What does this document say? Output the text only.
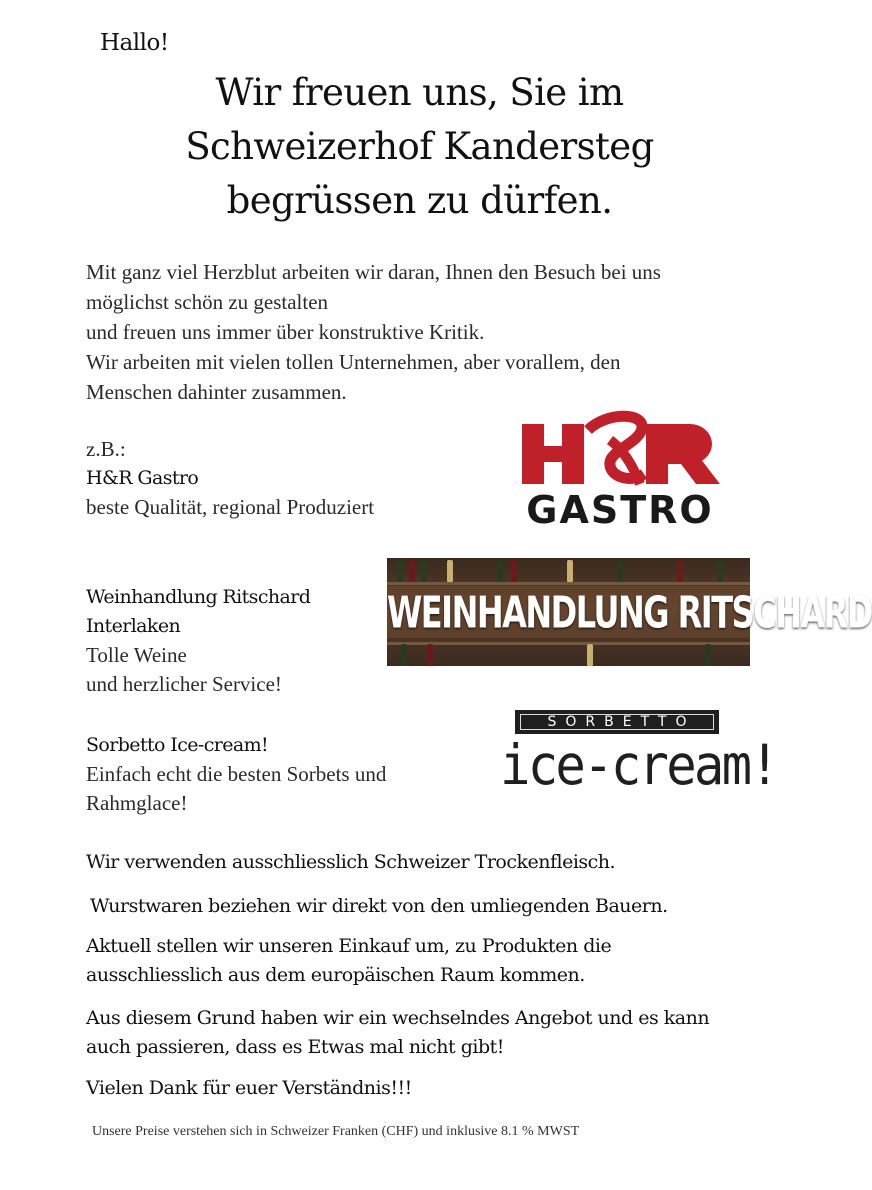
Hallo!
Wir freuen uns, Sie im
Schweizerhof Kandersteg
begrüssen zu dürfen.
Mit ganz viel Herzblut arbeiten wir daran, Ihnen den Besuch bei uns
möglichst schön zu gestalten
und freuen uns immer über konstruktive Kritik.
Wir arbeiten mit vielen tollen Unternehmen, aber vorallem, den
Menschen dahinter zusammen.
z.B.:
H&R Gastro
beste Qualität, regional Produziert	GASTRO
Weinhandlung Ritschard
Interlaken
Tolle Weine
und herzlicher Service!
WEINHANDLUNG RITSCHARD
Sorbetto Ice-cream!
Einfach echt die besten Sorbets und
Rahmglace!
SORBETTO
ice-cream!
Wir verwenden ausschliesslich Schweizer Trockenfleisch.
Wurstwaren beziehen wir direkt von den umliegenden Bauern.
Aktuell stellen wir unseren Einkauf um, zu Produkten die
ausschliesslich aus dem europäischen Raum kommen.
Aus diesem Grund haben wir ein wechselndes Angebot und es kann
auch passieren, dass es Etwas mal nicht gibt!
Vielen Dank für euer Verständnis!!!
Unsere Preise verstehen sich in Schweizer Franken (CHF) und inklusive 8.1 % MWST
